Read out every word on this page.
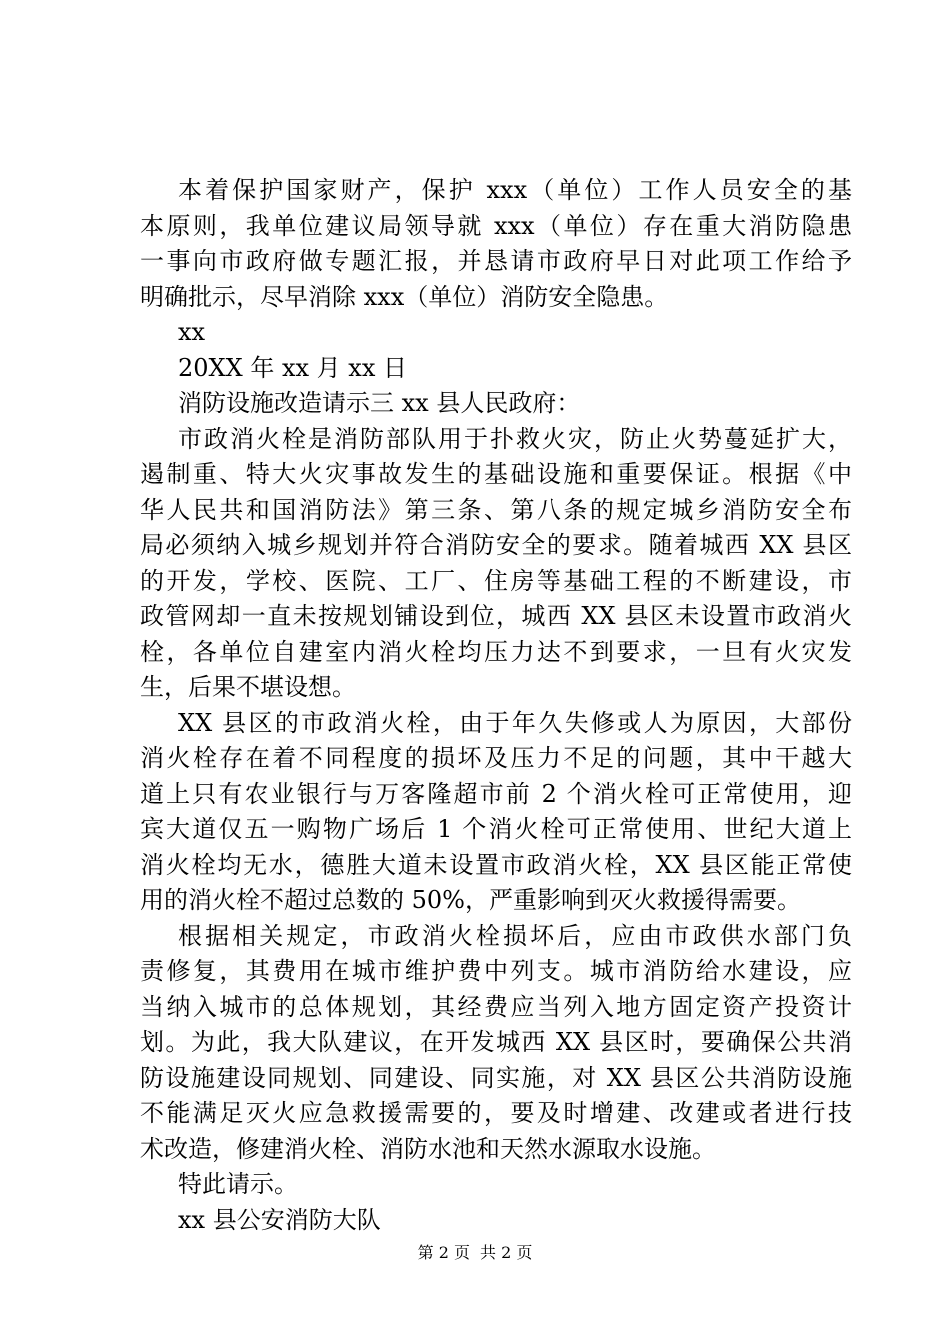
本着保护国家财产，保护 xxx（单位）工作人员安全的基
本原则，我单位建议局领导就 xxx（单位）存在重大消防隐患
一事向市政府做专题汇报，并恳请市政府早日对此项工作给予
明确批示，尽早消除 xxx（单位）消防安全隐患。
xx
20XX 年 xx 月 xx 日
消防设施改造请示三 xx 县人民政府：
市政消火栓是消防部队用于扑救火灾，防止火势蔓延扩大，
遏制重、特大火灾事故发生的基础设施和重要保证。根据《中
华人民共和国消防法》第三条、第八条的规定城乡消防安全布
局必须纳入城乡规划并符合消防安全的要求。随着城西 XX 县区
的开发，学校、医院、工厂、住房等基础工程的不断建设，市
政管网却一直未按规划铺设到位，城西 XX 县区未设置市政消火
栓，各单位自建室内消火栓均压力达不到要求，一旦有火灾发
生，后果不堪设想。
XX 县区的市政消火栓，由于年久失修或人为原因，大部份
消火栓存在着不同程度的损坏及压力不足的问题，其中干越大
道上只有农业银行与万客隆超市前 2 个消火栓可正常使用，迎
宾大道仅五一购物广场后 1 个消火栓可正常使用、世纪大道上
消火栓均无水，德胜大道未设置市政消火栓，XX 县区能正常使
用的消火栓不超过总数的 50%，严重影响到灭火救援得需要。
根据相关规定，市政消火栓损坏后，应由市政供水部门负
责修复，其费用在城市维护费中列支。城市消防给水建设，应
当纳入城市的总体规划，其经费应当列入地方固定资产投资计
划。为此，我大队建议，在开发城西 XX 县区时，要确保公共消
防设施建设同规划、同建设、同实施，对 XX 县区公共消防设施
不能满足灭火应急救援需要的，要及时增建、改建或者进行技
术改造，修建消火栓、消防水池和天然水源取水设施。
特此请示。
xx 县公安消防大队
第 2 页 共 2 页
